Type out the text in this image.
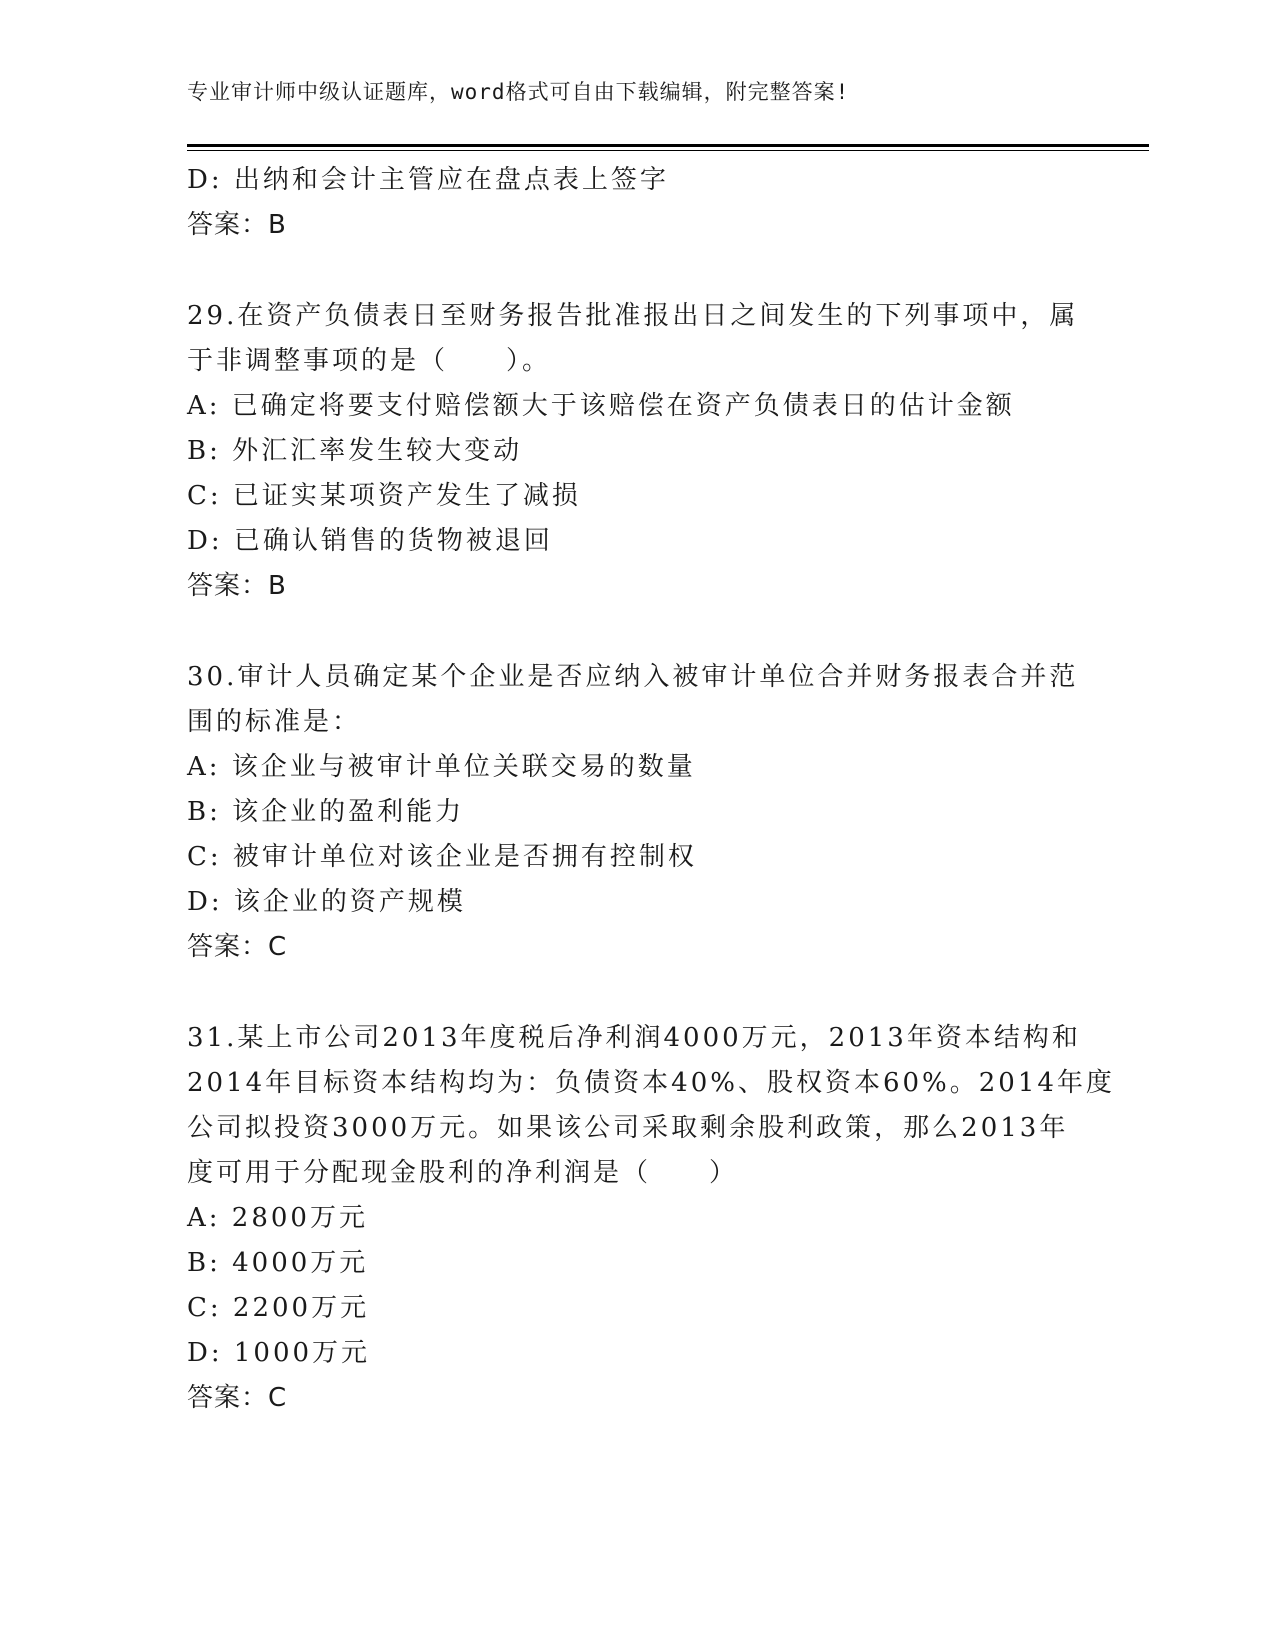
专业审计师中级认证题库，word格式可自由下载编辑，附完整答案!
D: 出纳和会计主管应在盘点表上签字
答案：B
29.在资产负债表日至财务报告批准报出日之间发生的下列事项中，属
于非调整事项的是（　　）。
A: 已确定将要支付赔偿额大于该赔偿在资产负债表日的估计金额
B: 外汇汇率发生较大变动
C: 已证实某项资产发生了减损
D: 已确认销售的货物被退回
答案：B
30.审计人员确定某个企业是否应纳入被审计单位合并财务报表合并范
围的标准是：
A: 该企业与被审计单位关联交易的数量
B: 该企业的盈利能力
C: 被审计单位对该企业是否拥有控制权
D: 该企业的资产规模
答案：C
31.某上市公司2013年度税后净利润4000万元，2013年资本结构和
2014年目标资本结构均为：负债资本40%、股权资本60%。2014年度
公司拟投资3000万元。如果该公司采取剩余股利政策，那么2013年
度可用于分配现金股利的净利润是（　　）
A: 2800万元
B: 4000万元
C: 2200万元
D: 1000万元
答案：C
